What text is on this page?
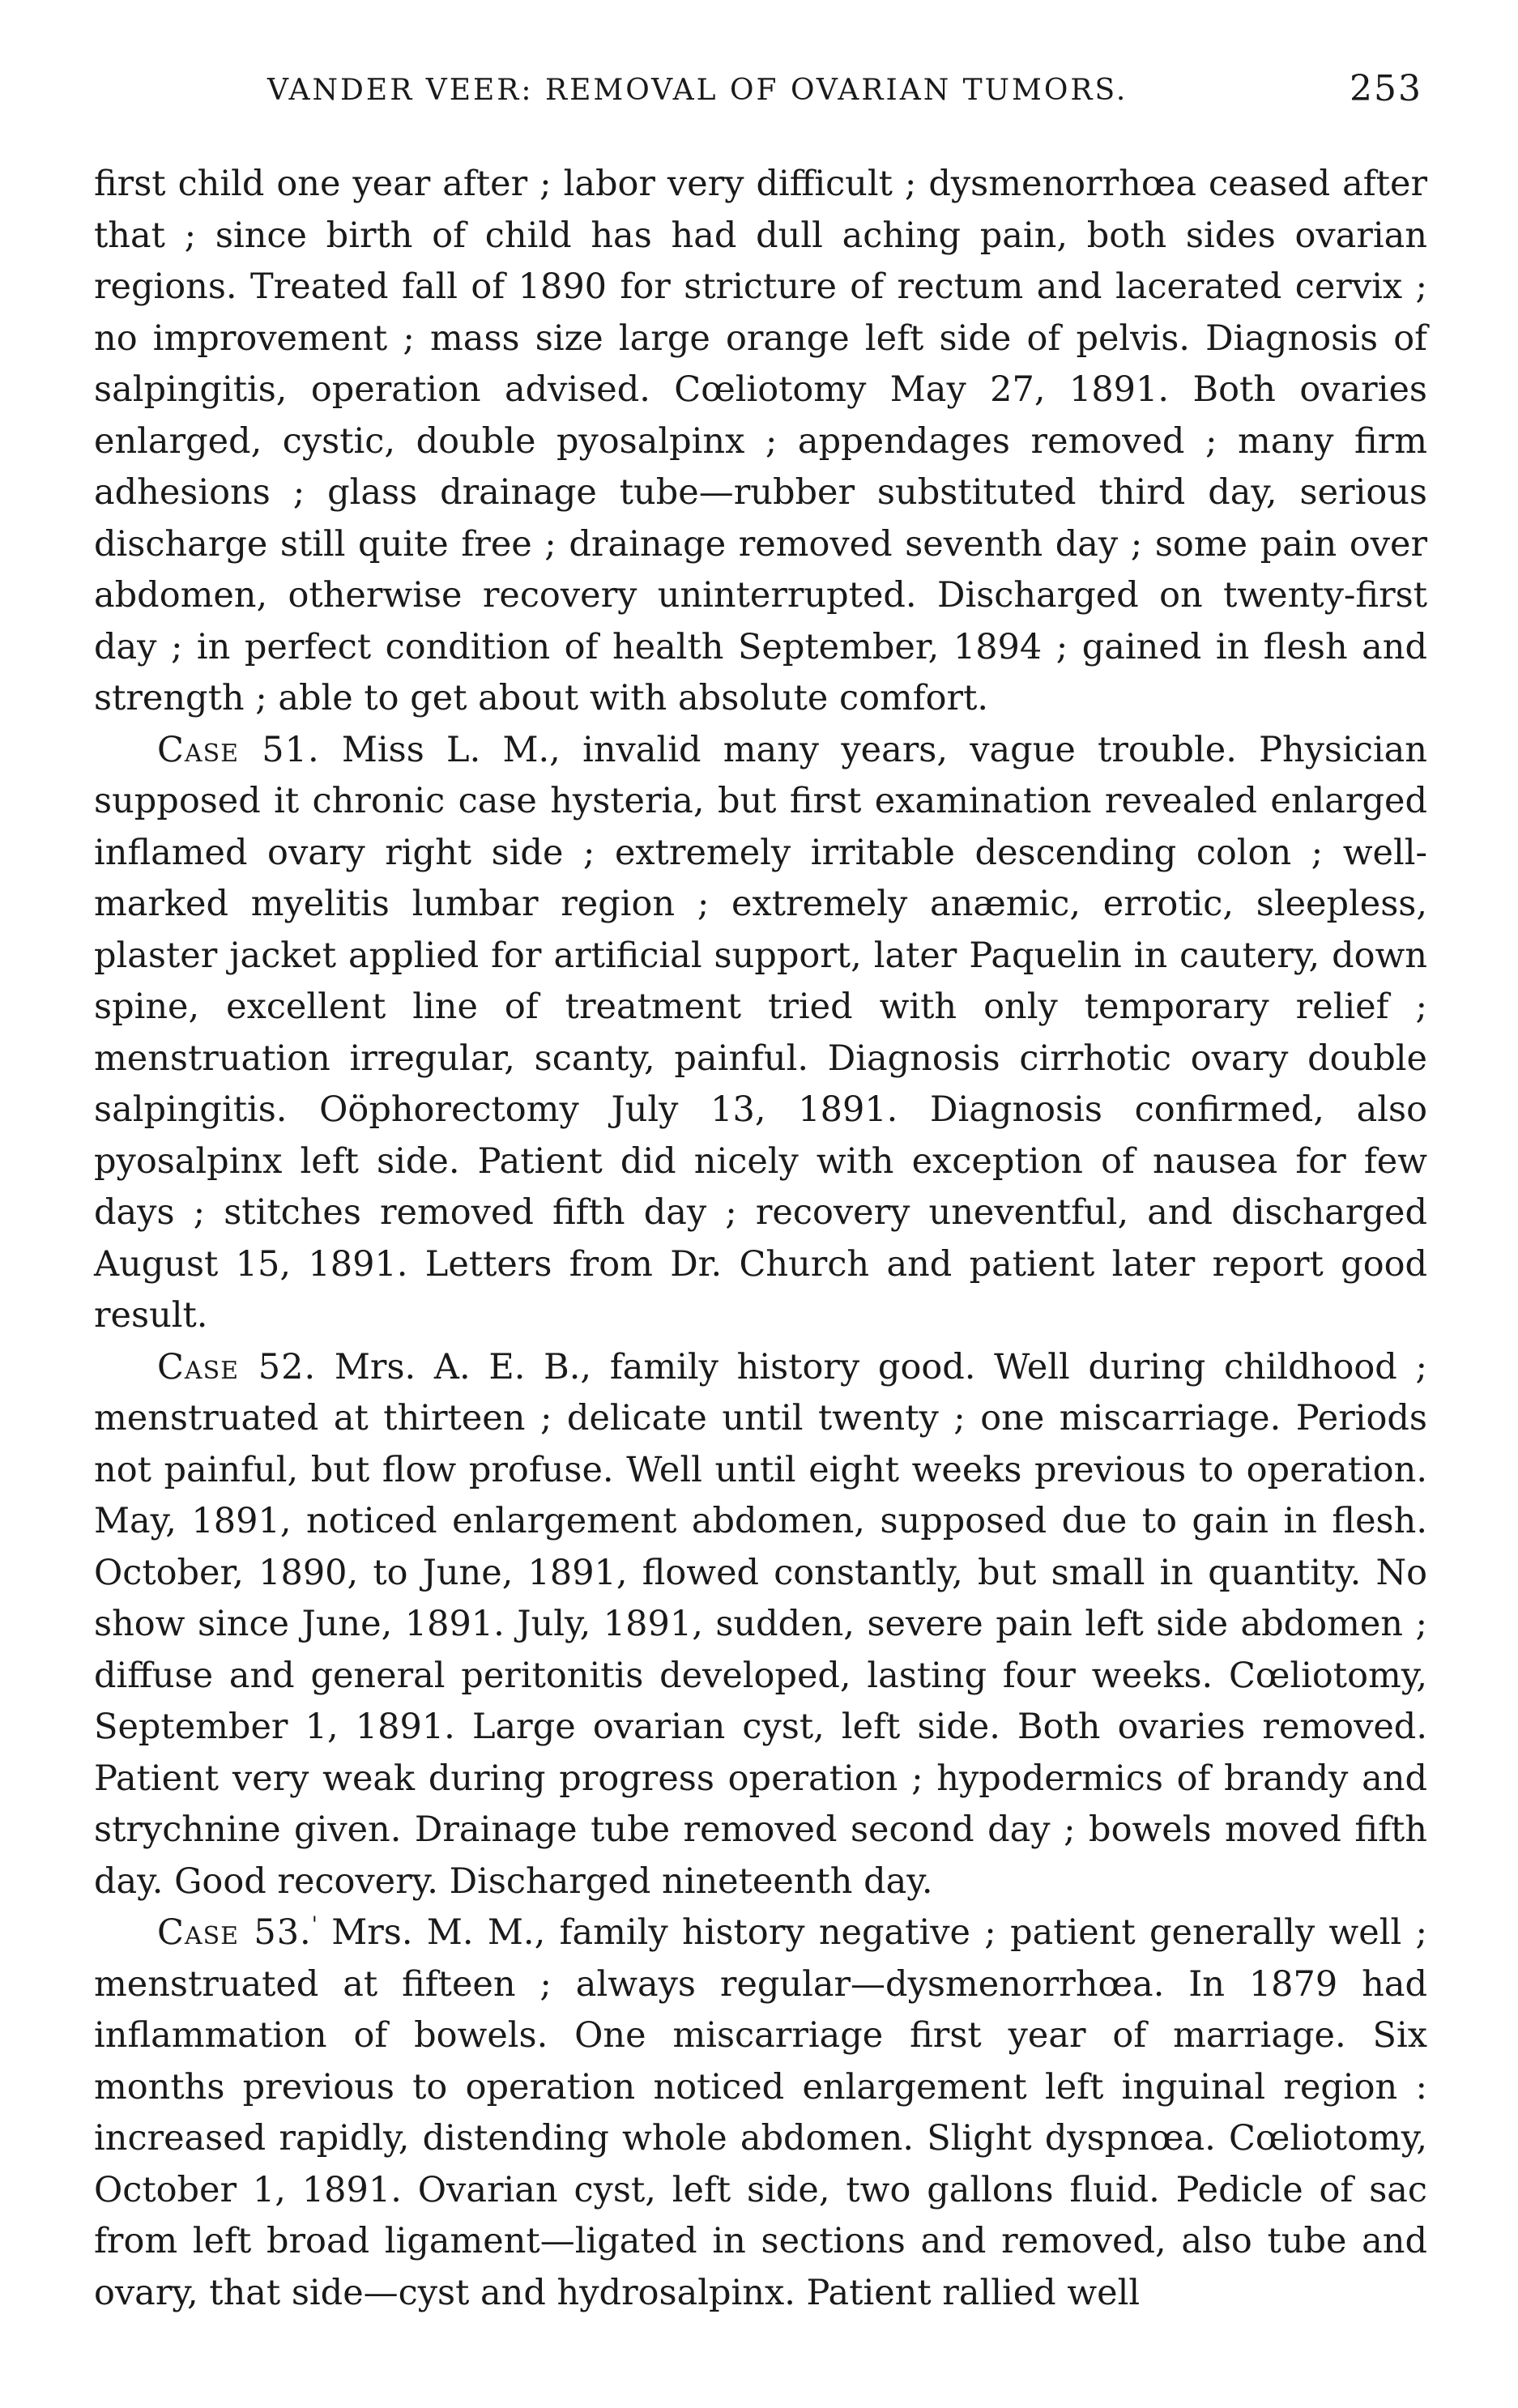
VANDER VEER: REMOVAL OF OVARIAN TUMORS.	253

first child one year after ; labor very difficult ; dysmenorrhœa ceased after that ; since birth of child has had dull aching pain, both sides ovarian regions. Treated fall of 1890 for stricture of rectum and lacerated cervix ; no improvement ; mass size large orange left side of pelvis. Diagnosis of salpingitis, operation advised. Cœliotomy May 27, 1891. Both ovaries enlarged, cystic, double pyosalpinx ; appendages removed ; many firm adhesions ; glass drainage tube—rubber substituted third day, serious discharge still quite free ; drainage removed seventh day ; some pain over abdomen, otherwise recovery uninterrupted. Discharged on twenty-first day ; in perfect condition of health September, 1894 ; gained in flesh and strength ; able to get about with absolute comfort.

Case 51. Miss L. M., invalid many years, vague trouble. Physician supposed it chronic case hysteria, but first examination revealed enlarged inflamed ovary right side ; extremely irritable descending colon ; well-marked myelitis lumbar region ; extremely anæmic, errotic, sleepless, plaster jacket applied for artificial support, later Paquelin in cautery, down spine, excellent line of treatment tried with only temporary relief ; menstruation irregular, scanty, painful. Diagnosis cirrhotic ovary double salpingitis. Oöphorectomy July 13, 1891. Diagnosis confirmed, also pyosalpinx left side. Patient did nicely with exception of nausea for few days ; stitches removed fifth day ; recovery uneventful, and discharged August 15, 1891. Letters from Dr. Church and patient later report good result.

Case 52. Mrs. A. E. B., family history good. Well during childhood ; menstruated at thirteen ; delicate until twenty ; one miscarriage. Periods not painful, but flow profuse. Well until eight weeks previous to operation. May, 1891, noticed enlargement abdomen, supposed due to gain in flesh. October, 1890, to June, 1891, flowed constantly, but small in quantity. No show since June, 1891. July, 1891, sudden, severe pain left side abdomen ; diffuse and general peritonitis developed, lasting four weeks. Cœliotomy, September 1, 1891. Large ovarian cyst, left side. Both ovaries removed. Patient very weak during progress operation ; hypodermics of brandy and strychnine given. Drainage tube removed second day ; bowels moved fifth day. Good recovery. Discharged nineteenth day.

Case 53.' Mrs. M. M., family history negative ; patient generally well ; menstruated at fifteen ; always regular—dysmenorrhœa. In 1879 had inflammation of bowels. One miscarriage first year of marriage. Six months previous to operation noticed enlargement left inguinal region : increased rapidly, distending whole abdomen. Slight dyspnœa. Cœliotomy, October 1, 1891. Ovarian cyst, left side, two gallons fluid. Pedicle of sac from left broad ligament—ligated in sections and removed, also tube and ovary, that side—cyst and hydrosalpinx. Patient rallied well
